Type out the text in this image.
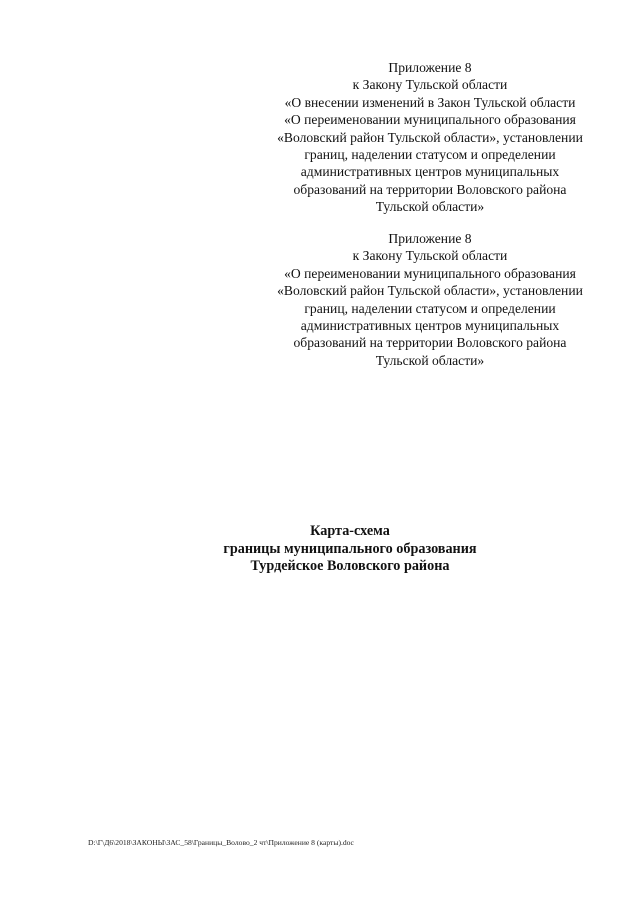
Приложение 8
к Закону Тульской области
«О внесении изменений в Закон Тульской области
«О переименовании муниципального образования
«Воловский район Тульской области», установлении
границ, наделении статусом и определении
административных центров муниципальных
образований на территории Воловского района
Тульской области»
Приложение 8
к Закону Тульской области
«О переименовании муниципального образования
«Воловский район Тульской области», установлении
границ, наделении статусом и определении
административных центров муниципальных
образований на территории Воловского района
Тульской области»
Карта-схема
границы муниципального образования
Турдейское Воловского района
D:\Г\Д6\2018\ЗАКОНЫ\ЗАС_58\Границы_Волово_2 чт\Приложение 8 (карты).doc
